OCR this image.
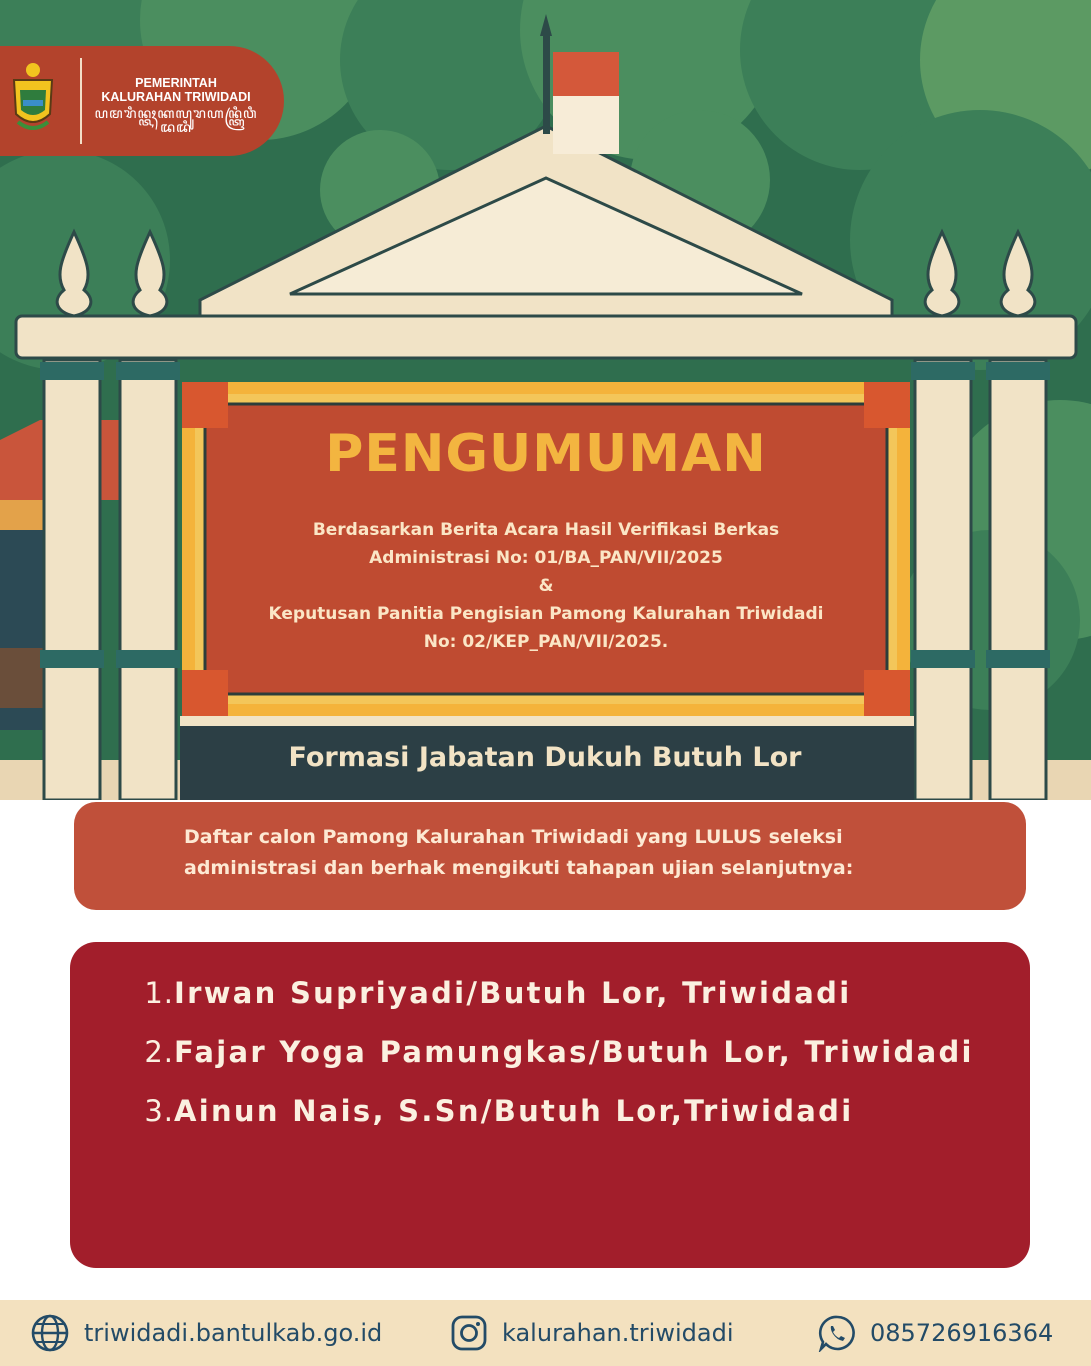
PEMERINTAH
KALURAHAN TRIWIDADI
ꦥꦩꦫꦶꦤ꧀ꦠꦃꦏꦭꦸꦫꦲꦤ꧀ꦠꦿꦶꦮꦶꦢꦢꦶ
PENGUMUMAN
Berdasarkan Berita Acara Hasil Verifikasi Berkas
Administrasi No: 01/BA_PAN/VII/2025
&
Keputusan Panitia Pengisian Pamong Kalurahan Triwidadi
No: 02/KEP_PAN/VII/2025.
Formasi Jabatan Dukuh Butuh Lor
Daftar calon Pamong Kalurahan Triwidadi yang LULUS seleksi
administrasi dan berhak mengikuti tahapan ujian selanjutnya:
1. Irwan Supriyadi/Butuh Lor, Triwidadi
2. Fajar Yoga Pamungkas/Butuh Lor, Triwidadi
3. Ainun Nais, S.Sn/Butuh Lor,Triwidadi
triwidadi.bantulkab.go.id	kalurahan.triwidadi	085726916364
